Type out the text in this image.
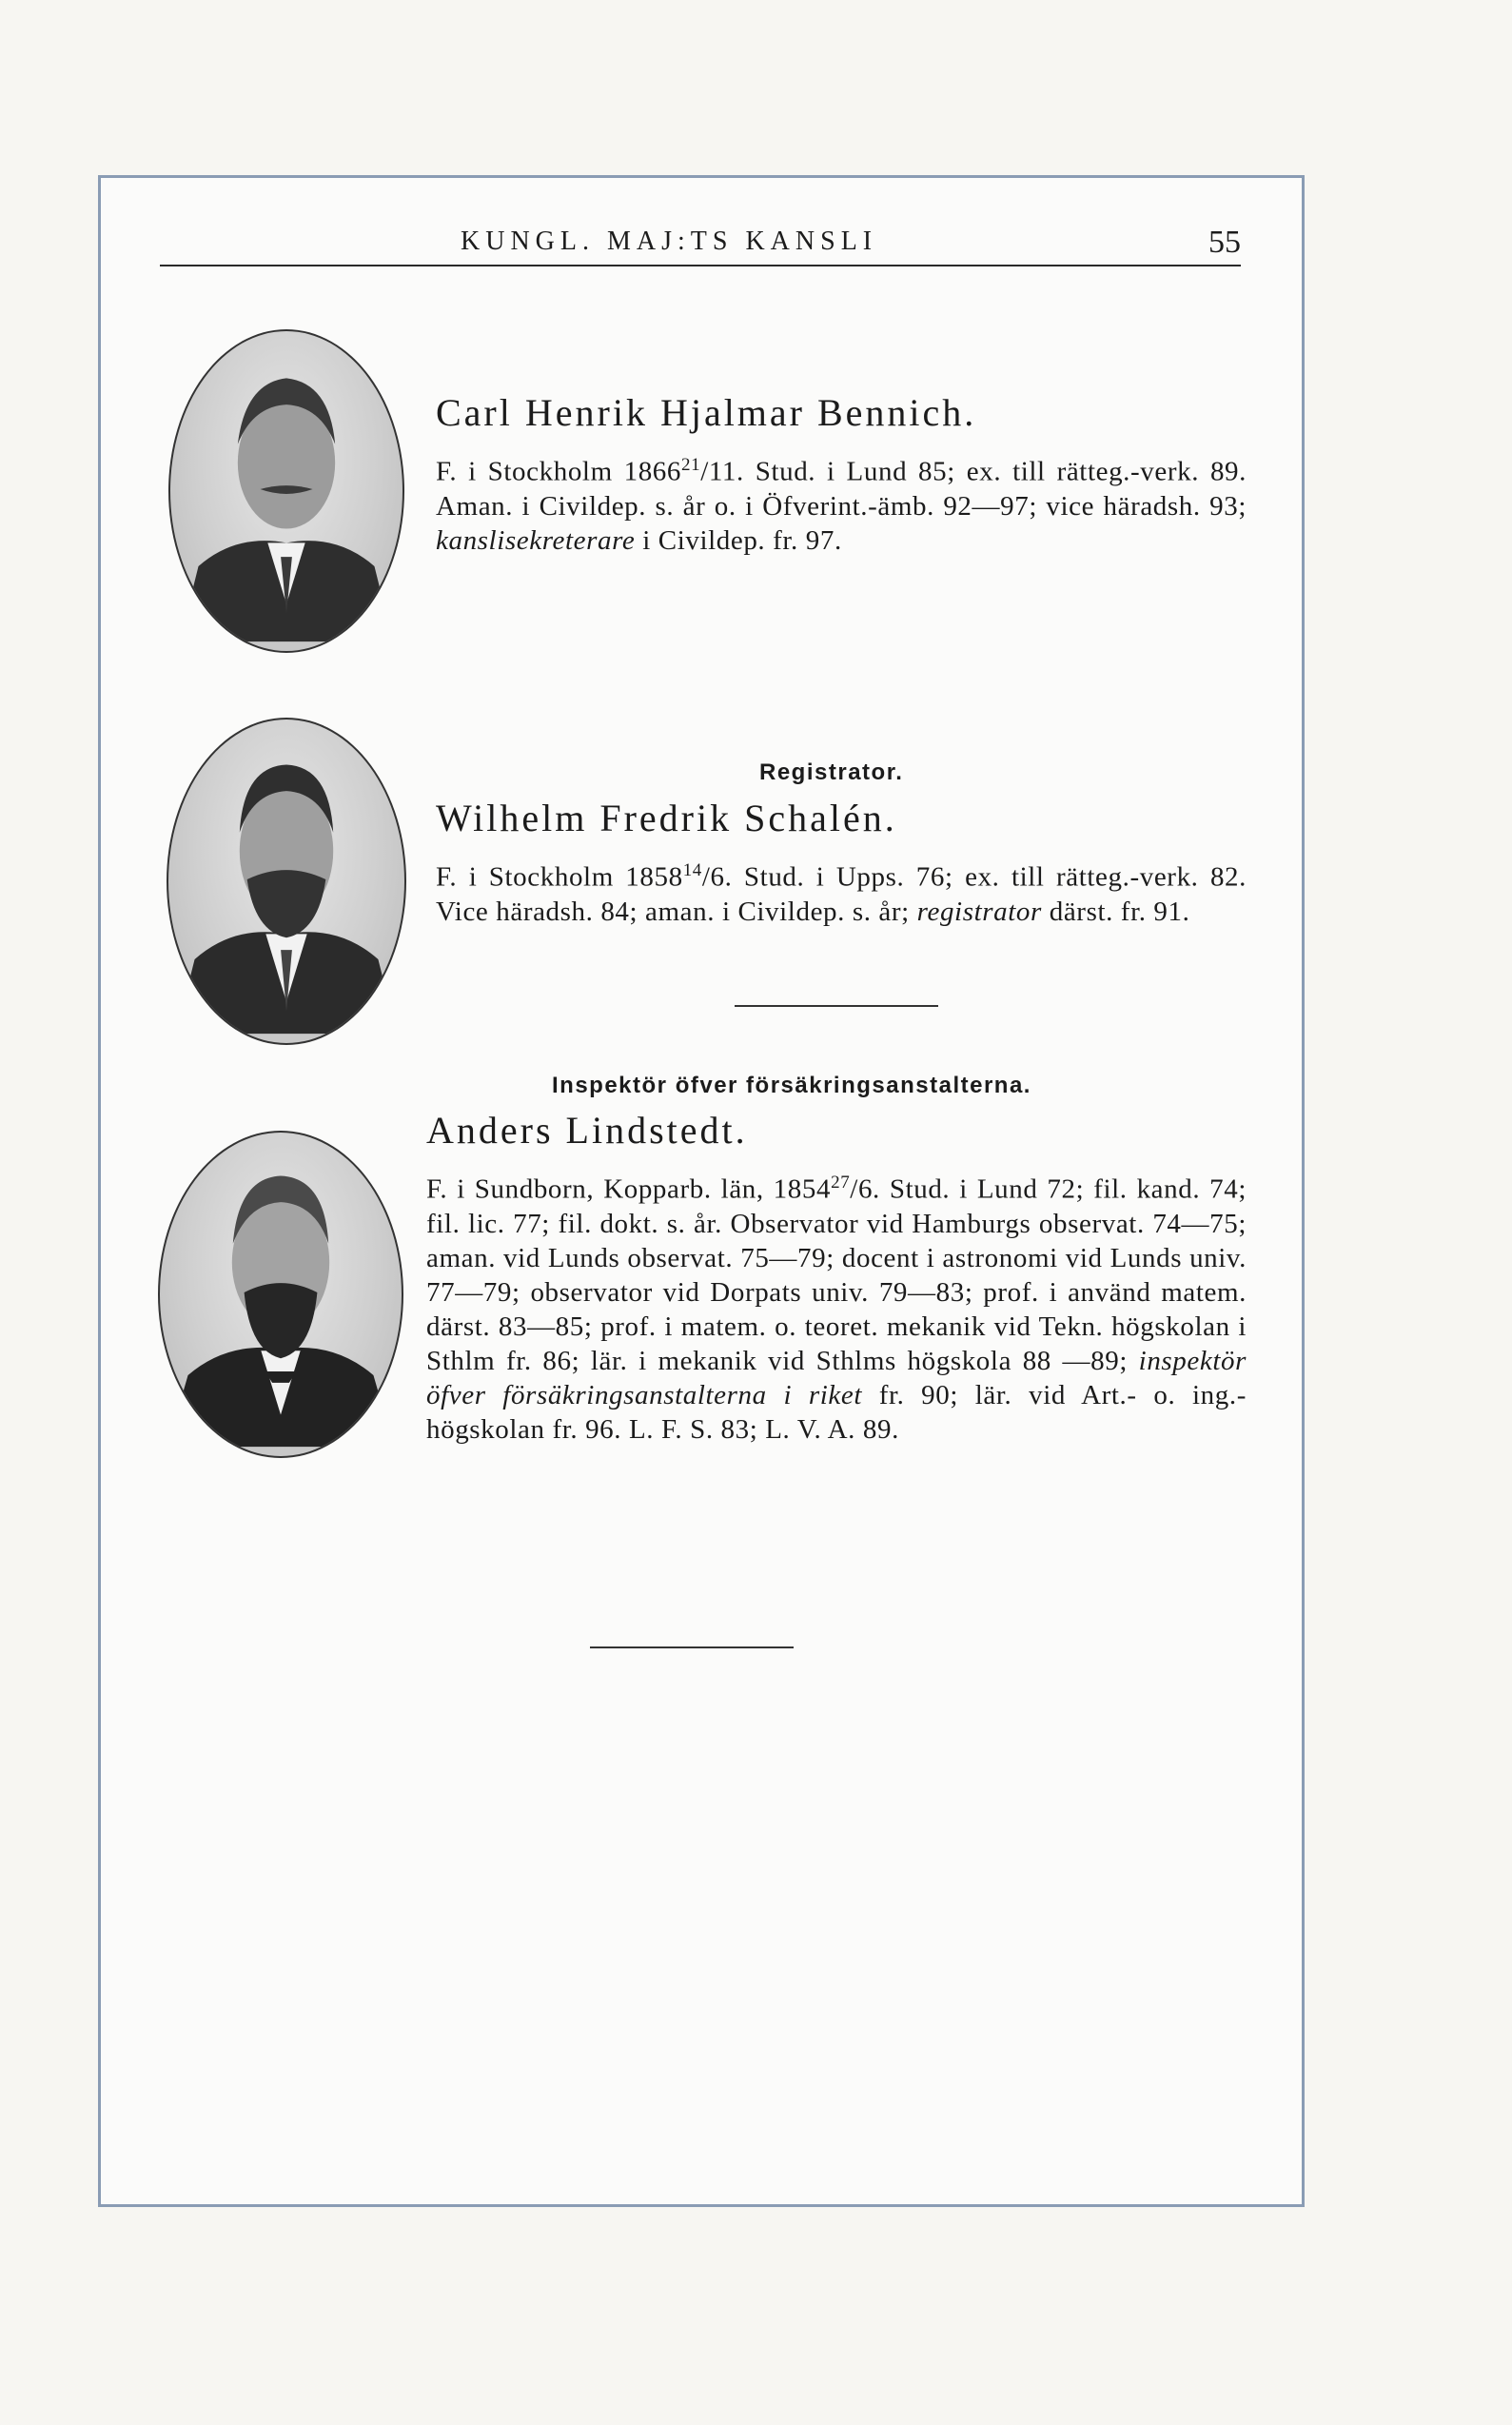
KUNGL. MAJ:TS KANSLI	55
Carl Henrik Hjalmar Bennich.
F. i Stockholm 1866$^{21}$/11. Stud. i Lund 85; ex. till rätteg.-verk. 89. Aman. i Civildep. s. år o. i Öfverint.-ämb. 92—97; vice häradsh. 93; kanslisekreterare i Civildep. fr. 97.
Registrator.
Wilhelm Fredrik Schalén.
F. i Stockholm 1858$^{14}$/6. Stud. i Upps. 76; ex. till rätteg.-verk. 82. Vice häradsh. 84; aman. i Civildep. s. år; registrator därst. fr. 91.
Inspektör öfver försäkringsanstalterna.
Anders Lindstedt.
F. i Sundborn, Kopparb. län, 1854$^{27}$/6. Stud. i Lund 72; fil. kand. 74; fil. lic. 77; fil. dokt. s. år. Observator vid Hamburgs observat. 74—75; aman. vid Lunds observat. 75—79; docent i astronomi vid Lunds univ. 77—79; observator vid Dorpats univ. 79—83; prof. i använd matem. därst. 83—85; prof. i matem. o. teoret. mekanik vid Tekn. högskolan i Sthlm fr. 86; lär. i mekanik vid Sthlms högskola 88 —89; inspektör öfver försäkringsanstalterna i riket fr. 90; lär. vid Art.- o. ing.-högskolan fr. 96. L. F. S. 83; L. V. A. 89.
